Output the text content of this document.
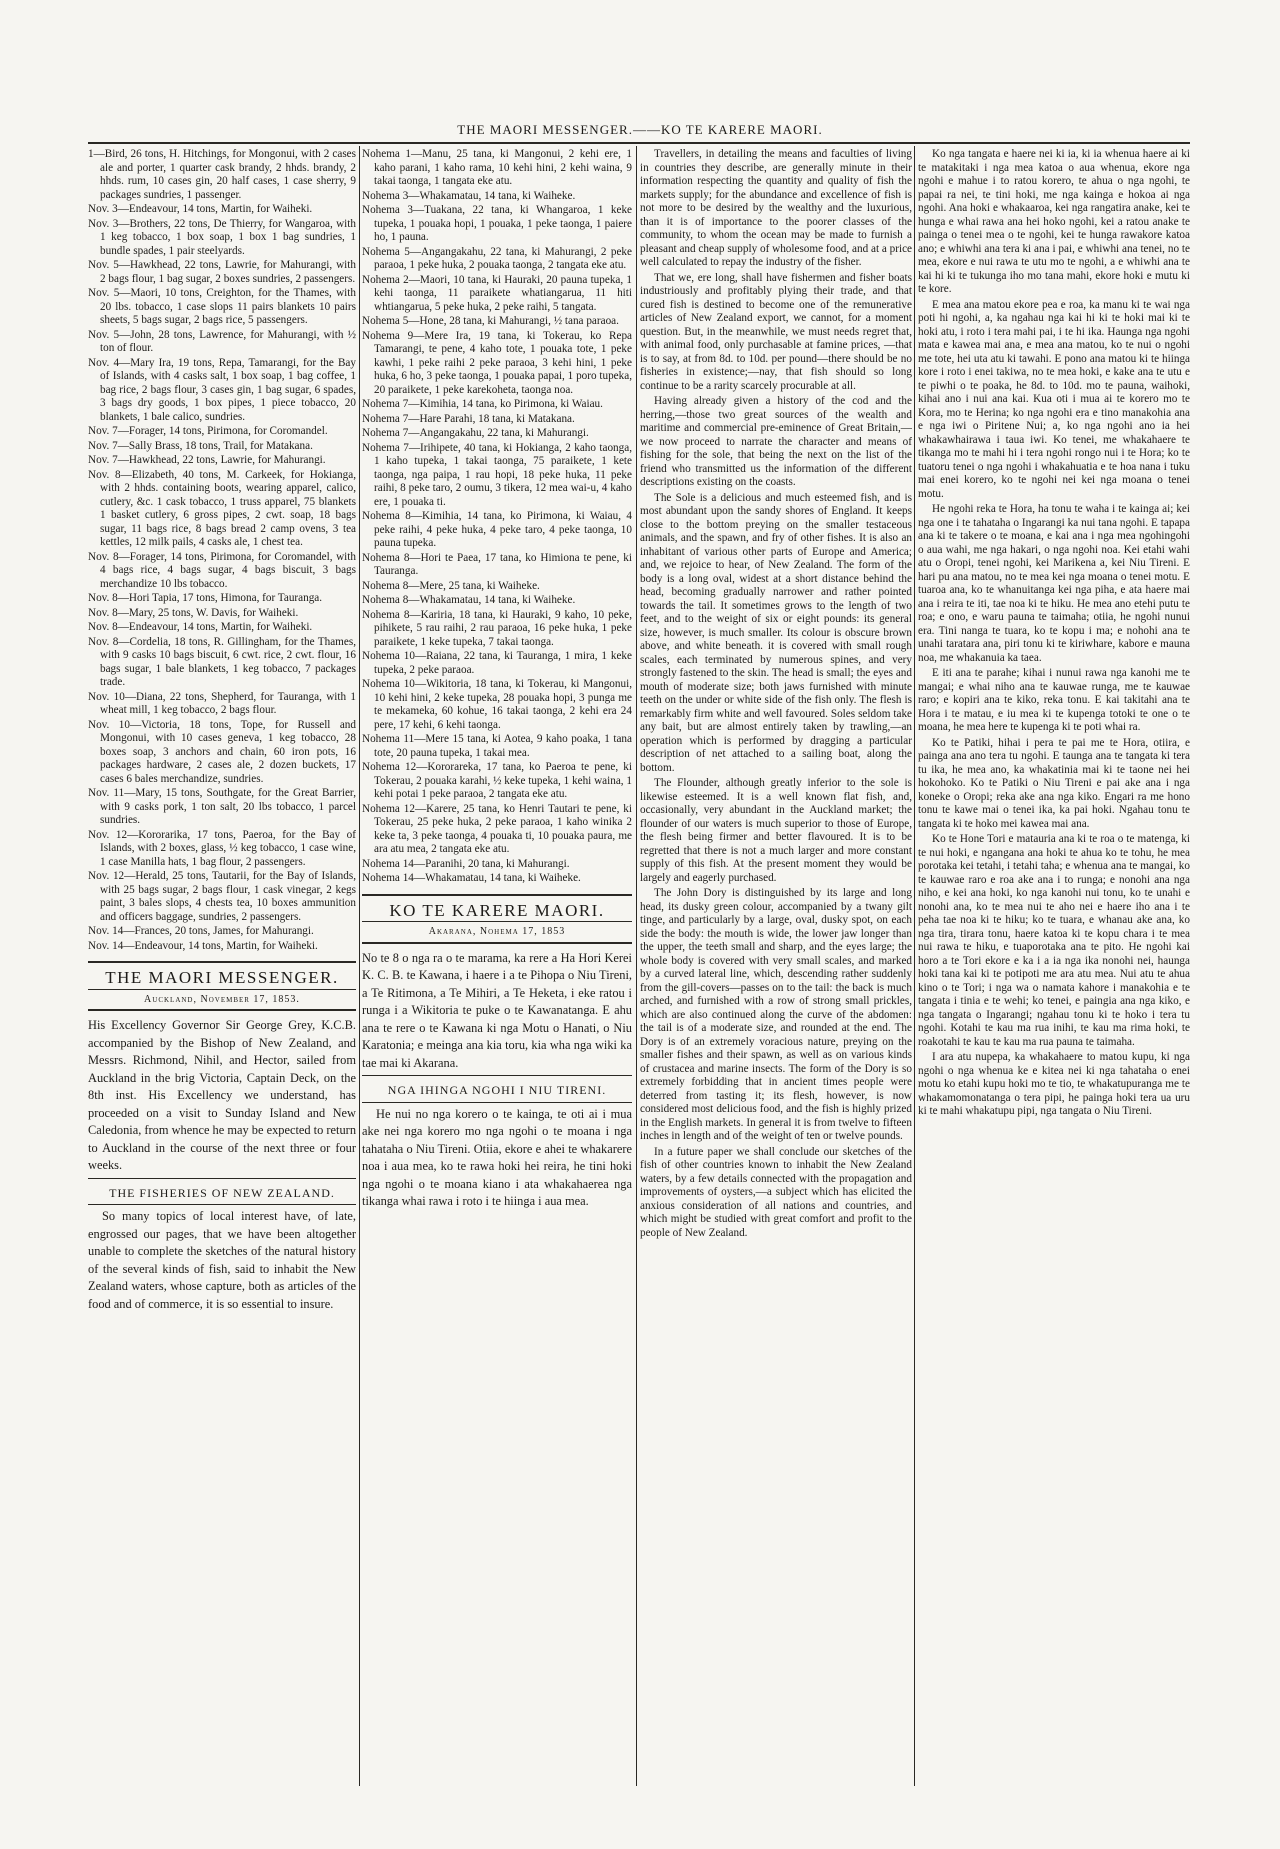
THE MAORI MESSENGER.——KO TE KARERE MAORI.

1—Bird, 26 tons, H. Hitchings, for Mongonui, with 2 cases ale and porter, 1 quarter cask brandy, 2 hhds. brandy, 2 hhds. rum, 10 cases gin, 20 half cases, 1 case sherry, 9 packages sundries, 1 passenger.

Nov. 3—Endeavour, 14 tons, Martin, for Waiheki.

Nov. 3—Brothers, 22 tons, De Thierry, for Wangaroa, with 1 keg tobacco, 1 box soap, 1 box 1 bag sundries, 1 bundle spades, 1 pair steelyards.

Nov. 5—Hawkhead, 22 tons, Lawrie, for Mahurangi, with 2 bags flour, 1 bag sugar, 2 boxes sundries, 2 passengers.

Nov. 5—Maori, 10 tons, Creighton, for the Thames, with 20 lbs. tobacco, 1 case slops 11 pairs blankets 10 pairs sheets, 5 bags sugar, 2 bags rice, 5 passengers.

Nov. 5—John, 28 tons, Lawrence, for Mahurangi, with ½ ton of flour.

Nov. 4—Mary Ira, 19 tons, Repa, Tamarangi, for the Bay of Islands, with 4 casks salt, 1 box soap, 1 bag coffee, 1 bag rice, 2 bags flour, 3 cases gin, 1 bag sugar, 6 spades, 3 bags dry goods, 1 box pipes, 1 piece tobacco, 20 blankets, 1 bale calico, sundries.

Nov. 7—Forager, 14 tons, Pirimona, for Coromandel.

Nov. 7—Sally Brass, 18 tons, Trail, for Matakana.

Nov. 7—Hawkhead, 22 tons, Lawrie, for Mahurangi.

Nov. 8—Elizabeth, 40 tons, M. Carkeek, for Hokianga, with 2 hhds. containing boots, wearing apparel, calico, cutlery, &c. 1 cask tobacco, 1 truss apparel, 75 blankets 1 basket cutlery, 6 gross pipes, 2 cwt. soap, 18 bags sugar, 11 bags rice, 8 bags bread 2 camp ovens, 3 tea kettles, 12 milk pails, 4 casks ale, 1 chest tea.

Nov. 8—Forager, 14 tons, Pirimona, for Coromandel, with 4 bags rice, 4 bags sugar, 4 bags biscuit, 3 bags merchandize 10 lbs tobacco.

Nov. 8—Hori Tapia, 17 tons, Himona, for Tauranga.

Nov. 8—Mary, 25 tons, W. Davis, for Waiheki.

Nov. 8—Endeavour, 14 tons, Martin, for Waiheki.

Nov. 8—Cordelia, 18 tons, R. Gillingham, for the Thames, with 9 casks 10 bags biscuit, 6 cwt. rice, 2 cwt. flour, 16 bags sugar, 1 bale blankets, 1 keg tobacco, 7 packages trade.

Nov. 10—Diana, 22 tons, Shepherd, for Tauranga, with 1 wheat mill, 1 keg tobacco, 2 bags flour.

Nov. 10—Victoria, 18 tons, Tope, for Russell and Mongonui, with 10 cases geneva, 1 keg tobacco, 28 boxes soap, 3 anchors and chain, 60 iron pots, 16 packages hardware, 2 cases ale, 2 dozen buckets, 17 cases 6 bales merchandize, sundries.

Nov. 11—Mary, 15 tons, Southgate, for the Great Barrier, with 9 casks pork, 1 ton salt, 20 lbs tobacco, 1 parcel sundries.

Nov. 12—Kororarika, 17 tons, Paeroa, for the Bay of Islands, with 2 boxes, glass, ½ keg tobacco, 1 case wine, 1 case Manilla hats, 1 bag flour, 2 passengers.

Nov. 12—Herald, 25 tons, Tautarii, for the Bay of Islands, with 25 bags sugar, 2 bags flour, 1 cask vinegar, 2 kegs paint, 3 bales slops, 4 chests tea, 10 boxes ammunition and officers baggage, sundries, 2 passengers.

Nov. 14—Frances, 20 tons, James, for Mahurangi.

Nov. 14—Endeavour, 14 tons, Martin, for Waiheki.

THE MAORI MESSENGER.
Auckland, November 17, 1853.

His Excellency Governor Sir George Grey, K.C.B. accompanied by the Bishop of New Zealand, and Messrs. Richmond, Nihil, and Hector, sailed from Auckland in the brig Victoria, Captain Deck, on the 8th inst. His Excellency we understand, has proceeded on a visit to Sunday Island and New Caledonia, from whence he may be expected to return to Auckland in the course of the next three or four weeks.

THE FISHERIES OF NEW ZEALAND.

So many topics of local interest have, of late, engrossed our pages, that we have been altogether unable to complete the sketches of the natural history of the several kinds of fish, said to inhabit the New Zealand waters, whose capture, both as articles of the food and of commerce, it is so essential to insure.

Nohema 1—Manu, 25 tana, ki Mangonui, 2 kehi ere, 1 kaho parani, 1 kaho rama, 10 kehi hini, 2 kehi waina, 9 takai taonga, 1 tangata eke atu.

Nohema 3—Whakamatau, 14 tana, ki Waiheke.

Nohema 3—Tuakana, 22 tana, ki Whangaroa, 1 keke tupeka, 1 pouaka hopi, 1 pouaka, 1 peke taonga, 1 paiere ho, 1 pauna.

Nohema 5—Angangakahu, 22 tana, ki Mahurangi, 2 peke paraoa, 1 peke huka, 2 pouaka taonga, 2 tangata eke atu.

Nohema 2—Maori, 10 tana, ki Hauraki, 20 pauna tupeka, 1 kehi taonga, 11 paraikete whatiangarua, 11 hiti whtiangarua, 5 peke huka, 2 peke raihi, 5 tangata.

Nohema 5—Hone, 28 tana, ki Mahurangi, ½ tana paraoa.

Nohema 9—Mere Ira, 19 tana, ki Tokerau, ko Repa Tamarangi, te pene, 4 kaho tote, 1 pouaka tote, 1 peke kawhi, 1 peke raihi 2 peke paraoa, 3 kehi hini, 1 peke huka, 6 ho, 3 peke taonga, 1 pouaka papai, 1 poro tupeka, 20 paraikete, 1 peke karekoheta, taonga noa.

Nohema 7—Kimihia, 14 tana, ko Pirimona, ki Waiau.

Nohema 7—Hare Parahi, 18 tana, ki Matakana.

Nohema 7—Angangakahu, 22 tana, ki Mahurangi.

Nohema 7—Irihipete, 40 tana, ki Hokianga, 2 kaho taonga, 1 kaho tupeka, 1 takai taonga, 75 paraikete, 1 kete taonga, nga paipa, 1 rau hopi, 18 peke huka, 11 peke raihi, 8 peke taro, 2 oumu, 3 tikera, 12 mea wai-u, 4 kaho ere, 1 pouaka ti.

Nohema 8—Kimihia, 14 tana, ko Pirimona, ki Waiau, 4 peke raihi, 4 peke huka, 4 peke taro, 4 peke taonga, 10 pauna tupeka.

Nohema 8—Hori te Paea, 17 tana, ko Himiona te pene, ki Tauranga.

Nohema 8—Mere, 25 tana, ki Waiheke.

Nohema 8—Whakamatau, 14 tana, ki Waiheke.

Nohema 8—Kariria, 18 tana, ki Hauraki, 9 kaho, 10 peke, pihikete, 5 rau raihi, 2 rau paraoa, 16 peke huka, 1 peke paraikete, 1 keke tupeka, 7 takai taonga.

Nohema 10—Raiana, 22 tana, ki Tauranga, 1 mira, 1 keke tupeka, 2 peke paraoa.

Nohema 10—Wikitoria, 18 tana, ki Tokerau, ki Mangonui, 10 kehi hini, 2 keke tupeka, 28 pouaka hopi, 3 punga me te mekameka, 60 kohue, 16 takai taonga, 2 kehi era 24 pere, 17 kehi, 6 kehi taonga.

Nohema 11—Mere 15 tana, ki Aotea, 9 kaho poaka, 1 tana tote, 20 pauna tupeka, 1 takai mea.

Nohema 12—Kororareka, 17 tana, ko Paeroa te pene, ki Tokerau, 2 pouaka karahi, ½ keke tupeka, 1 kehi waina, 1 kehi potai 1 peke paraoa, 2 tangata eke atu.

Nohema 12—Karere, 25 tana, ko Henri Tautari te pene, ki Tokerau, 25 peke huka, 2 peke paraoa, 1 kaho winika 2 keke ta, 3 peke taonga, 4 pouaka ti, 10 pouaka paura, me ara atu mea, 2 tangata eke atu.

Nohema 14—Paranihi, 20 tana, ki Mahurangi.

Nohema 14—Whakamatau, 14 tana, ki Waiheke.

KO TE KARERE MAORI.
Akarana, Nohema 17, 1853

No te 8 o nga ra o te marama, ka rere a Ha Hori Kerei K. C. B. te Kawana, i haere i a te Pihopa o Niu Tireni, a Te Ritimona, a Te Mihiri, a Te Heketa, i eke ratou i runga i a Wikitoria te puke o te Kawanatanga. E ahu ana te rere o te Kawana ki nga Motu o Hanati, o Niu Karatonia; e meinga ana kia toru, kia wha nga wiki ka tae mai ki Akarana.

NGA IHINGA NGOHI I NIU TIRENI.

He nui no nga korero o te kainga, te oti ai i mua ake nei nga korero mo nga ngohi o te moana i nga tahataha o Niu Tireni. Otiia, ekore e ahei te whakarere noa i aua mea, ko te rawa hoki hei reira, he tini hoki nga ngohi o te moana kiano i ata whakahaerea nga tikanga whai rawa i roto i te hiinga i aua mea.

Travellers, in detailing the means and faculties of living in countries they describe, are generally minute in their information respecting the quantity and quality of fish the markets supply; for the abundance and excellence of fish is not more to be desired by the wealthy and the luxurious, than it is of importance to the poorer classes of the community, to whom the ocean may be made to furnish a pleasant and cheap supply of wholesome food, and at a price well calculated to repay the industry of the fisher.

That we, ere long, shall have fishermen and fisher boats industriously and profitably plying their trade, and that cured fish is destined to become one of the remunerative articles of New Zealand export, we cannot, for a moment question. But, in the meanwhile, we must needs regret that, with animal food, only purchasable at famine prices, —that is to say, at from 8d. to 10d. per pound—there should be no fisheries in existence;—nay, that fish should so long continue to be a rarity scarcely procurable at all.

Having already given a history of the cod and the herring,—those two great sources of the wealth and maritime and commercial pre-eminence of Great Britain,—we now proceed to narrate the character and means of fishing for the sole, that being the next on the list of the friend who transmitted us the information of the different descriptions existing on the coasts.

The Sole is a delicious and much esteemed fish, and is most abundant upon the sandy shores of England. It keeps close to the bottom preying on the smaller testaceous animals, and the spawn, and fry of other fishes. It is also an inhabitant of various other parts of Europe and America; and, we rejoice to hear, of New Zealand. The form of the body is a long oval, widest at a short distance behind the head, becoming gradually narrower and rather pointed towards the tail. It sometimes grows to the length of two feet, and to the weight of six or eight pounds: its general size, however, is much smaller. Its colour is obscure brown above, and white beneath. it is covered with small rough scales, each terminated by numerous spines, and very strongly fastened to the skin. The head is small; the eyes and mouth of moderate size; both jaws furnished with minute teeth on the under or white side of the fish only. The flesh is remarkably firm white and well favoured. Soles seldom take any bait, but are almost entirely taken by trawling,—an operation which is performed by dragging a particular description of net attached to a sailing boat, along the bottom.

The Flounder, although greatly inferior to the sole is likewise esteemed. It is a well known flat fish, and, occasionally, very abundant in the Auckland market; the flounder of our waters is much superior to those of Europe, the flesh being firmer and better flavoured. It is to be regretted that there is not a much larger and more constant supply of this fish. At the present moment they would be largely and eagerly purchased.

The John Dory is distinguished by its large and long head, its dusky green colour, accompanied by a twany gilt tinge, and particularly by a large, oval, dusky spot, on each side the body: the mouth is wide, the lower jaw longer than the upper, the teeth small and sharp, and the eyes large; the whole body is covered with very small scales, and marked by a curved lateral line, which, descending rather suddenly from the gill-covers—passes on to the tail: the back is much arched, and furnished with a row of strong small prickles, which are also continued along the curve of the abdomen: the tail is of a moderate size, and rounded at the end. The Dory is of an extremely voracious nature, preying on the smaller fishes and their spawn, as well as on various kinds of crustacea and marine insects. The form of the Dory is so extremely forbidding that in ancient times people were deterred from tasting it; its flesh, however, is now considered most delicious food, and the fish is highly prized in the English markets. In general it is from twelve to fifteen inches in length and of the weight of ten or twelve pounds.

In a future paper we shall conclude our sketches of the fish of other countries known to inhabit the New Zealand waters, by a few details connected with the propagation and improvements of oysters,—a subject which has elicited the anxious consideration of all nations and countries, and which might be studied with great comfort and profit to the people of New Zealand.

Ko nga tangata e haere nei ki ia, ki ia whenua haere ai ki te matakitaki i nga mea katoa o aua whenua, ekore nga ngohi e mahue i to ratou korero, te ahua o nga ngohi, te papai ra nei, te tini hoki, me nga kainga e hokoa ai nga ngohi. Ana hoki e whakaaroa, kei nga rangatira anake, kei te hunga e whai rawa ana hei hoko ngohi, kei a ratou anake te painga o tenei mea o te ngohi, kei te hunga rawakore katoa ano; e whiwhi ana tera ki ana i pai, e whiwhi ana tenei, no te mea, ekore e nui rawa te utu mo te ngohi, a e whiwhi ana te kai hi ki te tukunga iho mo tana mahi, ekore hoki e mutu ki te kore.

E mea ana matou ekore pea e roa, ka manu ki te wai nga poti hi ngohi, a, ka ngahau nga kai hi ki te hoki mai ki te hoki atu, i roto i tera mahi pai, i te hi ika. Haunga nga ngohi mata e kawea mai ana, e mea ana matou, ko te nui o ngohi me tote, hei uta atu ki tawahi. E pono ana matou ki te hiinga kore i roto i enei takiwa, no te mea hoki, e kake ana te utu e te piwhi o te poaka, he 8d. to 10d. mo te pauna, waihoki, kihai ano i nui ana kai. Kua oti i mua ai te korero mo te Kora, mo te Herina; ko nga ngohi era e tino manakohia ana e nga iwi o Piritene Nui; a, ko nga ngohi ano ia hei whakawhairawa i taua iwi. Ko tenei, me whakahaere te tikanga mo te mahi hi i tera ngohi rongo nui i te Hora; ko te tuatoru tenei o nga ngohi i whakahuatia e te hoa nana i tuku mai enei korero, ko te ngohi nei kei nga moana o tenei motu.

He ngohi reka te Hora, ha tonu te waha i te kainga ai; kei nga one i te tahataha o Ingarangi ka nui tana ngohi. E tapapa ana ki te takere o te moana, e kai ana i nga mea ngohingohi o aua wahi, me nga hakari, o nga ngohi noa. Kei etahi wahi atu o Oropi, tenei ngohi, kei Marikena a, kei Niu Tireni. E hari pu ana matou, no te mea kei nga moana o tenei motu. E tuaroa ana, ko te whanuitanga kei nga piha, e ata haere mai ana i reira te iti, tae noa ki te hiku. He mea ano etehi putu te roa; e ono, e waru pauna te taimaha; otiia, he ngohi nunui era. Tini nanga te tuara, ko te kopu i ma; e nohohi ana te unahi taratara ana, piri tonu ki te kiriwhare, kabore e mauna noa, me whakanuia ka taea.

E iti ana te parahe; kihai i nunui rawa nga kanohi me te mangai; e whai niho ana te kauwae runga, me te kauwae raro; e kopiri ana te kiko, reka tonu. E kai takitahi ana te Hora i te matau, e iu mea ki te kupenga totoki te one o te moana, he mea here te kupenga ki te poti whai ra.

Ko te Patiki, hihai i pera te pai me te Hora, otiira, e painga ana ano tera tu ngohi. E taunga ana te tangata ki tera tu ika, he mea ano, ka whakatinia mai ki te taone nei hei hokohoko. Ko te Patiki o Niu Tireni e pai ake ana i nga koneke o Oropi; reka ake ana nga kiko. Engari ra me hono tonu te kawe mai o tenei ika, ka pai hoki. Ngahau tonu te tangata ki te hoko mei kawea mai ana.

Ko te Hone Tori e matauria ana ki te roa o te matenga, ki te nui hoki, e ngangana ana hoki te ahua ko te tohu, he mea porotaka kei tetahi, i tetahi taha; e whenua ana te mangai, ko te kauwae raro e roa ake ana i to runga; e nonohi ana nga niho, e kei ana hoki, ko nga kanohi nui tonu, ko te unahi e nonohi ana, ko te mea nui te aho nei e haere iho ana i te peha tae noa ki te hiku; ko te tuara, e whanau ake ana, ko nga tira, tirara tonu, haere katoa ki te kopu chara i te mea nui rawa te hiku, e tuaporotaka ana te pito. He ngohi kai horo a te Tori ekore e ka i a ia nga ika nonohi nei, haunga hoki tana kai ki te potipoti me ara atu mea. Nui atu te ahua kino o te Tori; i nga wa o namata kahore i manakohia e te tangata i tinia e te wehi; ko tenei, e paingia ana nga kiko, e nga tangata o Ingarangi; ngahau tonu ki te hoko i tera tu ngohi. Kotahi te kau ma rua inihi, te kau ma rima hoki, te roakotahi te kau te kau ma rua pauna te taimaha.

I ara atu nupepa, ka whakahaere to matou kupu, ki nga ngohi o nga whenua ke e kitea nei ki nga tahataha o enei motu ko etahi kupu hoki mo te tio, te whakatupuranga me te whakamomonatanga o tera pipi, he painga hoki tera ua uru ki te mahi whakatupu pipi, nga tangata o Niu Tireni.
